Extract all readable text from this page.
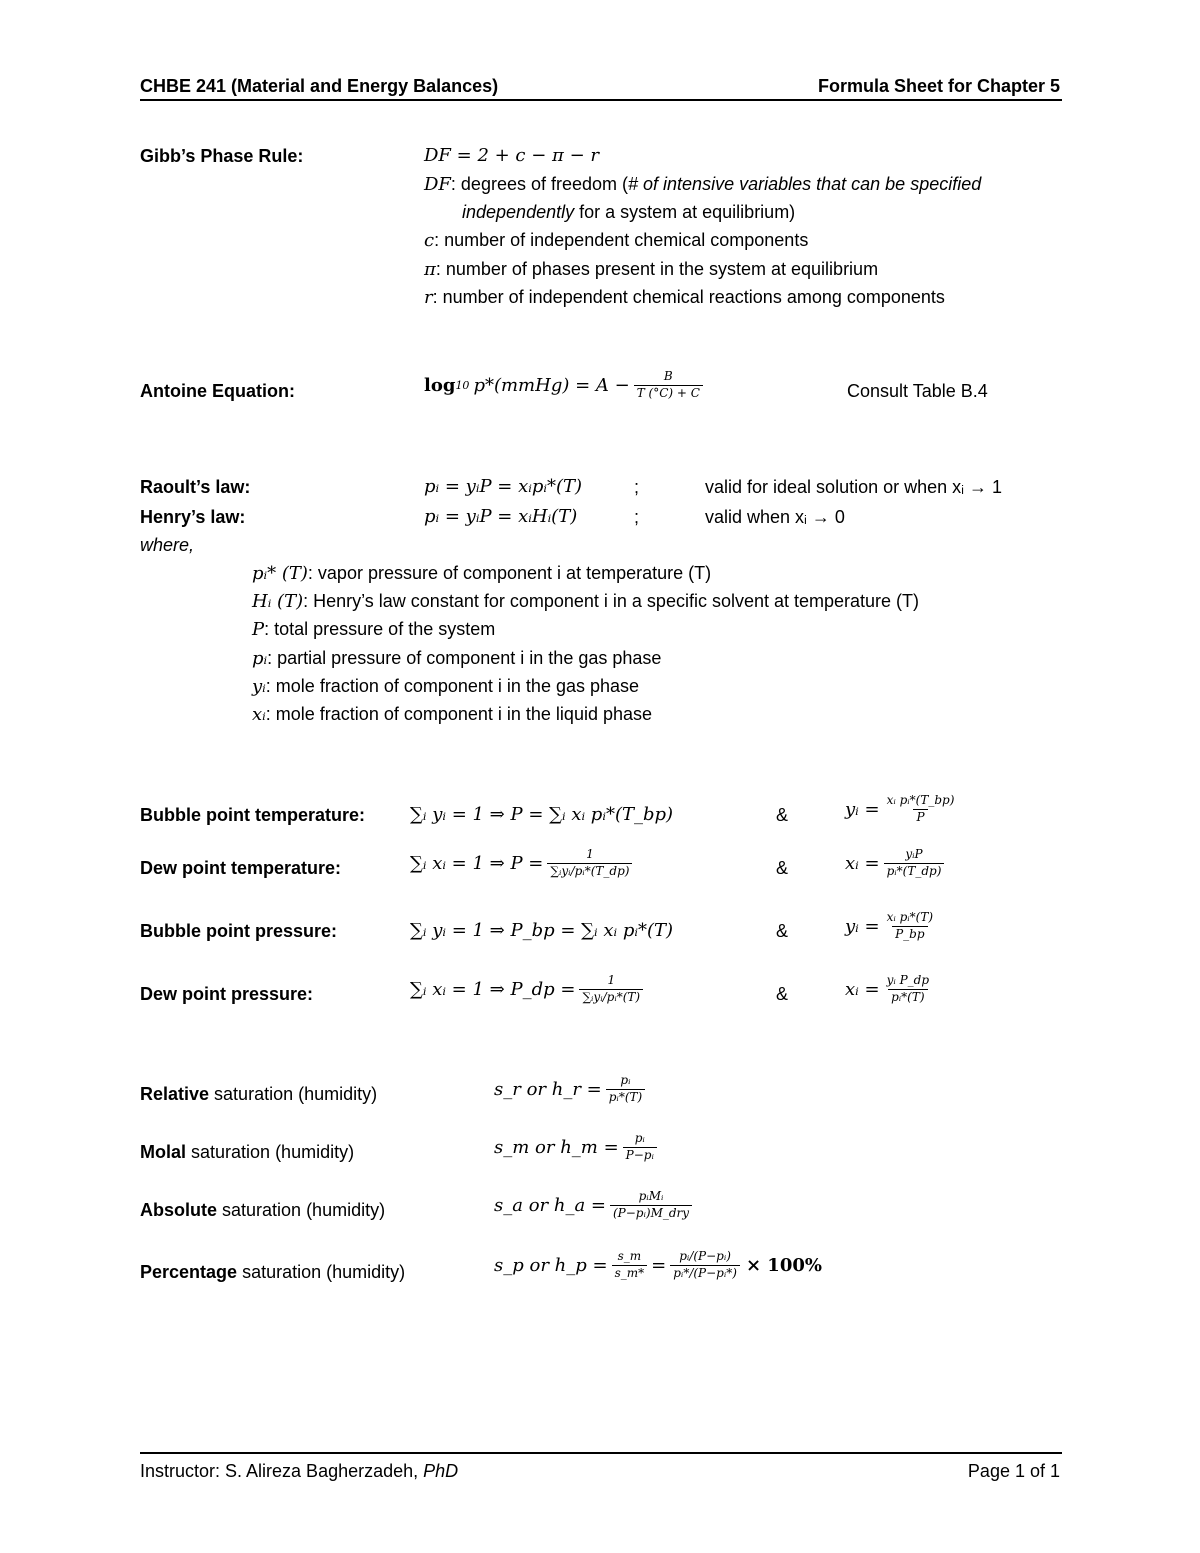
CHBE 241 (Material and Energy Balances)	Formula Sheet for Chapter 5
Gibb’s Phase Rule:	DF = 2 + c − π − r
DF: degrees of freedom (# of intensive variables that can be specified
independently for a system at equilibrium)
c: number of independent chemical components
π: number of phases present in the system at equilibrium
r: number of independent chemical reactions among components
Antoine Equation:	log 10 p*(mmHg) = $A - \frac{B}{T (^\circ C) + C}$	Consult Table B.4
Raoult’s law:	pᵢ = yᵢP = xᵢpᵢ*(T)	;	valid for ideal solution or when xᵢ → 1
Henry’s law:	pᵢ = yᵢP = xᵢHᵢ(T)	;	valid when xᵢ → 0
where,
pᵢ* (T): vapor pressure of component i at temperature (T)
Hᵢ (T): Henry’s law constant for component i in a specific solvent at temperature (T)
P: total pressure of the system
pᵢ: partial pressure of component i in the gas phase
yᵢ: mole fraction of component i in the gas phase
xᵢ: mole fraction of component i in the liquid phase
Bubble point temperature: ∑ᵢ yᵢ = 1 ⇒ P = ∑ᵢ xᵢ pᵢ*(T_bp)	&	yᵢ = $\frac{\text{xᵢ pᵢ*(T\_bp)}}{P}$
Dew point temperature:	∑ᵢ xᵢ = 1 ⇒ $P = \frac{1}{\text{∑ᵢyᵢ/pᵢ*(T\_dp)}}$	&	xᵢ = $\frac{\text{yᵢP}}{\text{pᵢ*(T\_dp)}}$
Bubble point pressure:	∑ᵢ yᵢ = 1 ⇒ P_bp = ∑ᵢ xᵢ pᵢ*(T)	&	yᵢ = $\frac{\text{xᵢ pᵢ*(T)}}{P\_bp}$
Dew point pressure:	∑ᵢ xᵢ = 1 ⇒ P_dp = $\frac{1}{\text{∑ᵢyᵢ/pᵢ*(T)}}$	&	xᵢ = $\frac{\text{yᵢ P\_dp}}{\text{pᵢ*(T)}}$
Relative saturation (humidity)	s_r or h_r = $\frac{\text{pᵢ}}{\text{pᵢ*(T)}}$
Molal saturation (humidity)	s_m or h_m = $\frac{\text{pᵢ}}{\text{P−pᵢ}}$
Absolute saturation (humidity)	s_a or h_a = $\frac{\text{pᵢMᵢ}}{\text{(P−pᵢ)M\_dry}}$
Percentage saturation (humidity)	s_p or h_p = $\frac{s\_m}{s\_m*} = \frac{\text{pᵢ/(P−pᵢ)}}{\text{pᵢ*/(P−pᵢ*)}} \times 100\%$
Instructor: S. Alireza Bagherzadeh, PhD	Page 1 of 1
